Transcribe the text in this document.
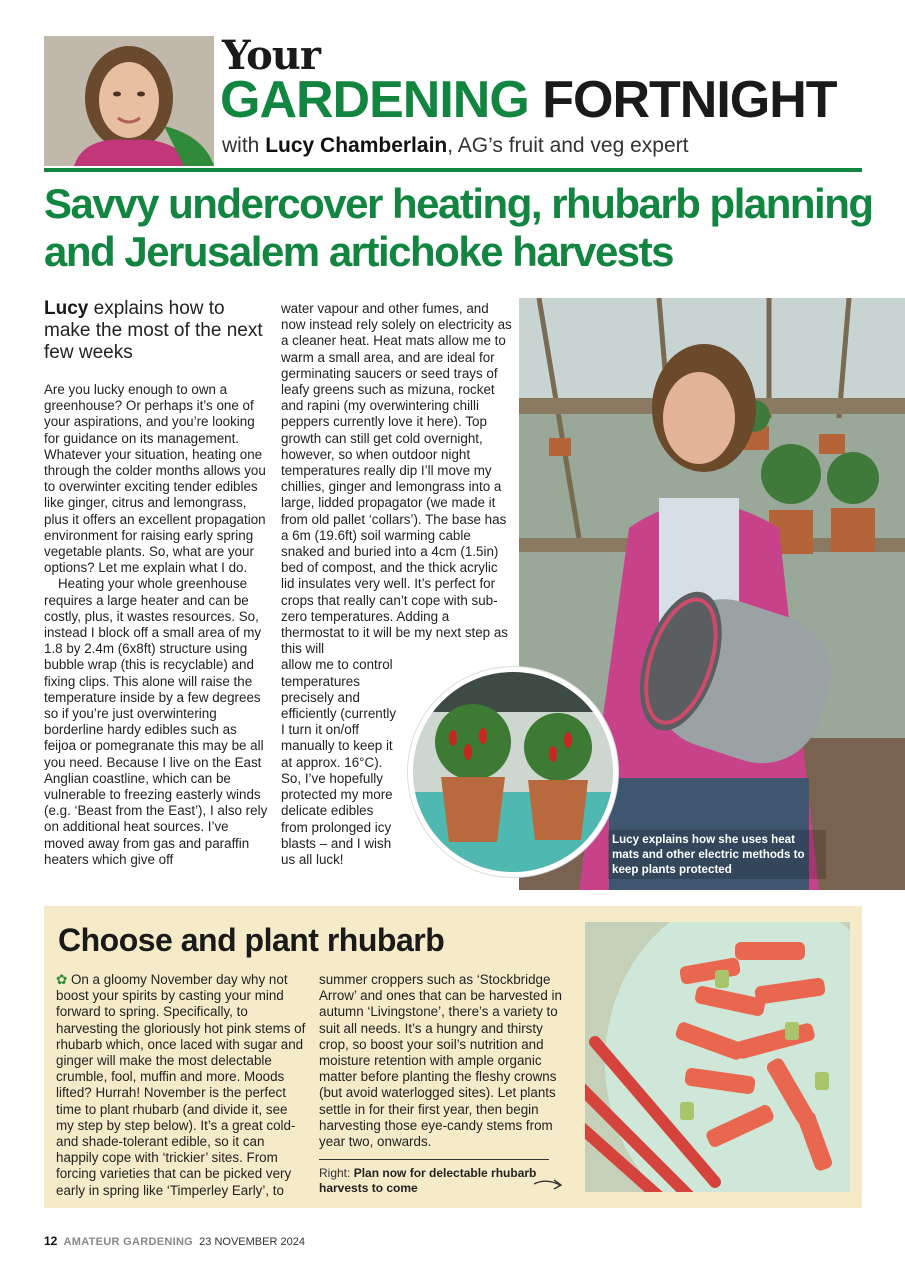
Your
GARDENING FORTNIGHT
with Lucy Chamberlain, AG’s fruit and veg expert
Savvy undercover heating, rhubarb planning and Jerusalem artichoke harvests
Lucy explains how to make the most of the next few weeks

Are you lucky enough to own a greenhouse? Or perhaps it’s one of your aspirations, and you’re looking for guidance on its management. Whatever your situation, heating one through the colder months allows you to overwinter exciting tender edibles like ginger, citrus and lemongrass, plus it offers an excellent propagation environment for raising early spring vegetable plants. So, what are your options? Let me explain what I do.

Heating your whole greenhouse requires a large heater and can be costly, plus, it wastes resources. So, instead I block off a small area of my 1.8 by 2.4m (6x8ft) structure using bubble wrap (this is recyclable) and fixing clips. This alone will raise the temperature inside by a few degrees so if you’re just overwintering borderline hardy edibles such as feijoa or pomegranate this may be all you need. Because I live on the East Anglian coastline, which can be vulnerable to freezing easterly winds (e.g. ‘Beast from the East’), I also rely on additional heat sources. I’ve moved away from gas and paraffin heaters which give off

water vapour and other fumes, and now instead rely solely on electricity as a cleaner heat. Heat mats allow me to warm a small area, and are ideal for germinating saucers or seed trays of leafy greens such as mizuna, rocket and rapini (my overwintering chilli peppers currently love it here). Top growth can still get cold overnight, however, so when outdoor night temperatures really dip I’ll move my chillies, ginger and lemongrass into a large, lidded propagator (we made it from old pallet ‘collars’). The base has a 6m (19.6ft) soil warming cable snaked and buried into a 4cm (1.5in) bed of compost, and the thick acrylic lid insulates very well. It’s perfect for crops that really can’t cope with sub-zero temperatures. Adding a thermostat to it will be my next step as this will

allow me to control temperatures precisely and efficiently (currently I turn it on/off manually to keep it at approx. 16°C). So, I’ve hopefully protected my more delicate edibles from prolonged icy blasts – and I wish us all luck!

Lucy explains how she uses heat mats and other electric methods to keep plants protected
Choose and plant rhubarb
✿ On a gloomy November day why not boost your spirits by casting your mind forward to spring. Specifically, to harvesting the gloriously hot pink stems of rhubarb which, once laced with sugar and ginger will make the most delectable crumble, fool, muffin and more. Moods lifted? Hurrah! November is the perfect time to plant rhubarb (and divide it, see my step by step below). It’s a great cold- and shade-tolerant edible, so it can happily cope with ‘trickier’ sites. From forcing varieties that can be picked very early in spring like ‘Timperley Early’, to
summer croppers such as ‘Stockbridge Arrow’ and ones that can be harvested in autumn ‘Livingstone’, there’s a variety to suit all needs. It’s a hungry and thirsty crop, so boost your soil’s nutrition and moisture retention with ample organic matter before planting the fleshy crowns (but avoid waterlogged sites). Let plants settle in for their first year, then begin harvesting those eye-candy stems from year two, onwards.
Right: Plan now for delectable rhubarb harvests to come
12 AMATEUR GARDENING 23 NOVEMBER 2024
